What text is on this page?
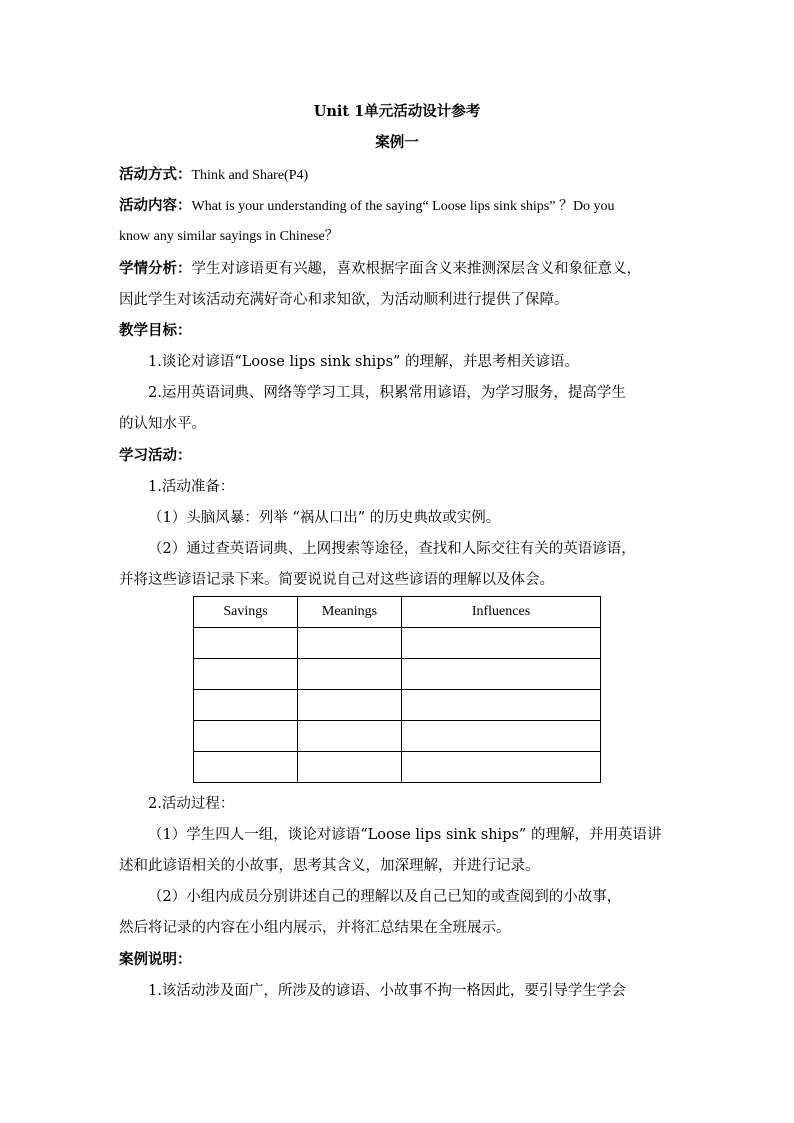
Unit 1单元活动设计参考
案例一
活动方式：Think and Share(P4)
活动内容：What is your understanding of the saying“ Loose lips sink ships” ？Do you
know any similar sayings in Chinese？
学情分析：学生对谚语更有兴趣，喜欢根据字面含义来推测深层含义和象征意义，
因此学生对该活动充满好奇心和求知欲，为活动顺利进行提供了保障。
教学目标：
1.谈论对谚语“Loose lips sink ships” 的理解，并思考相关谚语。
2.运用英语词典、网络等学习工具，积累常用谚语，为学习服务，提高学生
的认知水平。
学习活动：
1.活动准备：
（1）头脑风暴：列举 “祸从口出” 的历史典故或实例。
（2）通过查英语词典、上网搜索等途径，查找和人际交往有关的英语谚语，
并将这些谚语记录下来。简要说说自己对这些谚语的理解以及体会。
Savings	Meanings	Influences

2.活动过程：
（1）学生四人一组，谈论对谚语“Loose lips sink ships” 的理解，并用英语讲
述和此谚语相关的小故事，思考其含义，加深理解，并进行记录。
（2）小组内成员分别讲述自己的理解以及自己已知的或查阅到的小故事，
然后将记录的内容在小组内展示，并将汇总结果在全班展示。
案例说明：
1.该活动涉及面广，所涉及的谚语、小故事不拘一格因此，要引导学生学会
